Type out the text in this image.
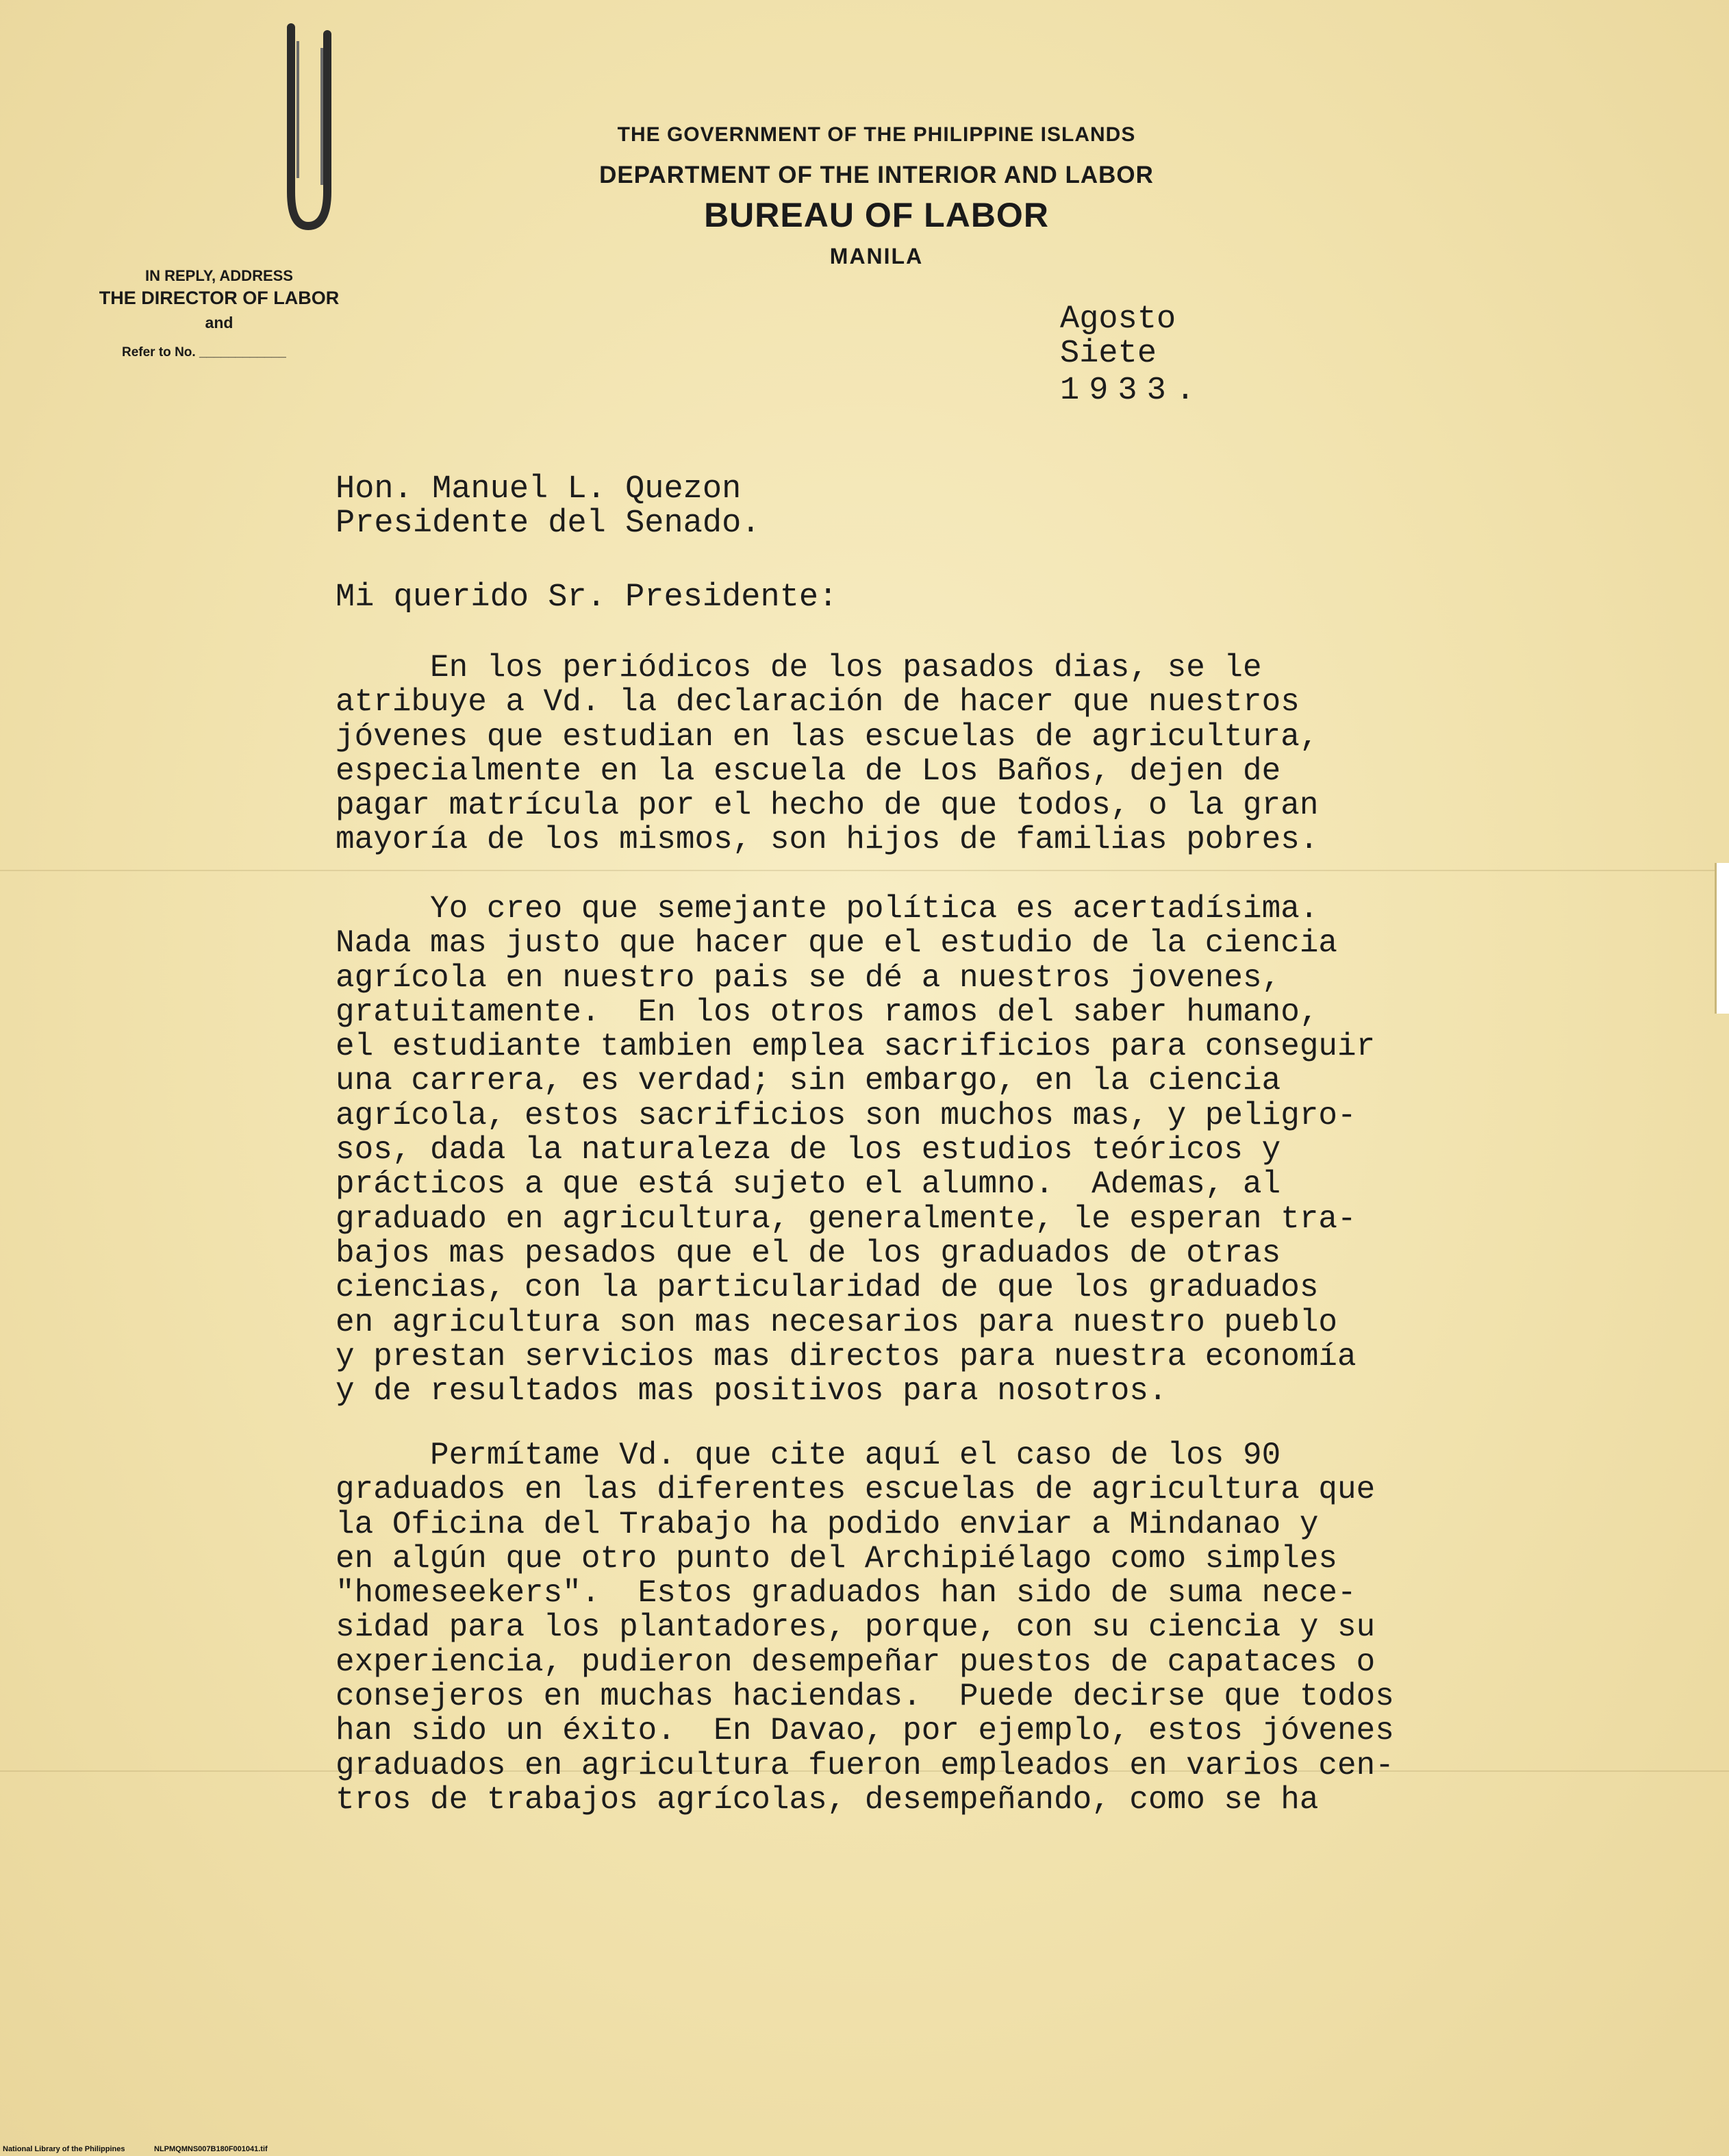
THE GOVERNMENT OF THE PHILIPPINE ISLANDS
DEPARTMENT OF THE INTERIOR AND LABOR
BUREAU OF LABOR
MANILA
IN REPLY, ADDRESS
THE DIRECTOR OF LABOR
and
Refer to No. ____________
Agosto
Siete
1933.
Hon. Manuel L. Quezon
Presidente del Senado.
Mi querido Sr. Presidente:
En los periódicos de los pasados dias, se le
atribuye a Vd. la declaración de hacer que nuestros
jóvenes que estudian en las escuelas de agricultura,
especialmente en la escuela de Los Baños, dejen de
pagar matrícula por el hecho de que todos, o la gran
mayoría de los mismos, son hijos de familias pobres.
Yo creo que semejante política es acertadísima.
Nada mas justo que hacer que el estudio de la ciencia
agrícola en nuestro pais se dé a nuestros jovenes,
gratuitamente.  En los otros ramos del saber humano,
el estudiante tambien emplea sacrificios para conseguir
una carrera, es verdad; sin embargo, en la ciencia
agrícola, estos sacrificios son muchos mas, y peligro-
sos, dada la naturaleza de los estudios teóricos y
prácticos a que está sujeto el alumno.  Ademas, al
graduado en agricultura, generalmente, le esperan tra-
bajos mas pesados que el de los graduados de otras
ciencias, con la particularidad de que los graduados
en agricultura son mas necesarios para nuestro pueblo
y prestan servicios mas directos para nuestra economía
y de resultados mas positivos para nosotros.
Permítame Vd. que cite aquí el caso de los 90
graduados en las diferentes escuelas de agricultura que
la Oficina del Trabajo ha podido enviar a Mindanao y
en algún que otro punto del Archipiélago como simples
"homeseekers".  Estos graduados han sido de suma nece-
sidad para los plantadores, porque, con su ciencia y su
experiencia, pudieron desempeñar puestos de capataces o
consejeros en muchas haciendas.  Puede decirse que todos
han sido un éxito.  En Davao, por ejemplo, estos jóvenes
graduados en agricultura fueron empleados en varios cen-
tros de trabajos agrícolas, desempeñando, como se ha
National Library of the Philippines	NLPMQMNS007B180F001041.tif
